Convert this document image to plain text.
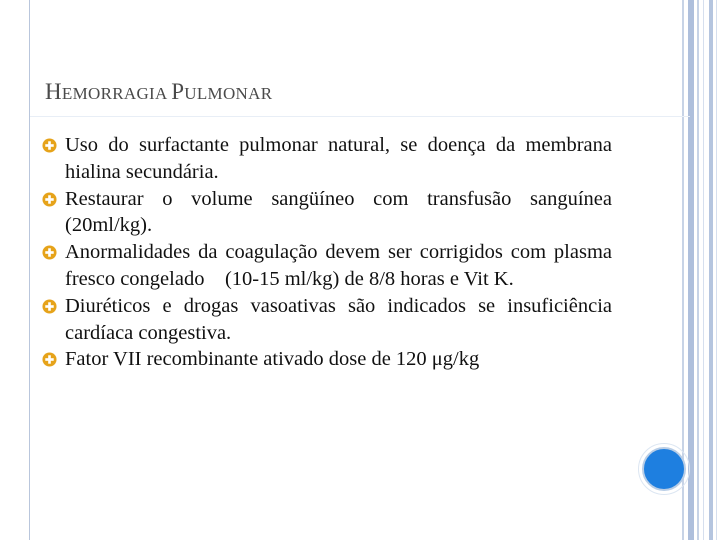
HEMORRAGIA PULMONAR
Uso do surfactante pulmonar natural, se doença da membrana hialina secundária.
Restaurar o volume sangüíneo com transfusão sanguínea (20ml/kg).
Anormalidades da coagulação devem ser corrigidos com plasma fresco congelado    (10-15 ml/kg) de 8/8 horas e Vit K.
Diuréticos e drogas vasoativas são indicados se insuficiência cardíaca congestiva.
Fator VII recombinante ativado dose de 120 μg/kg
